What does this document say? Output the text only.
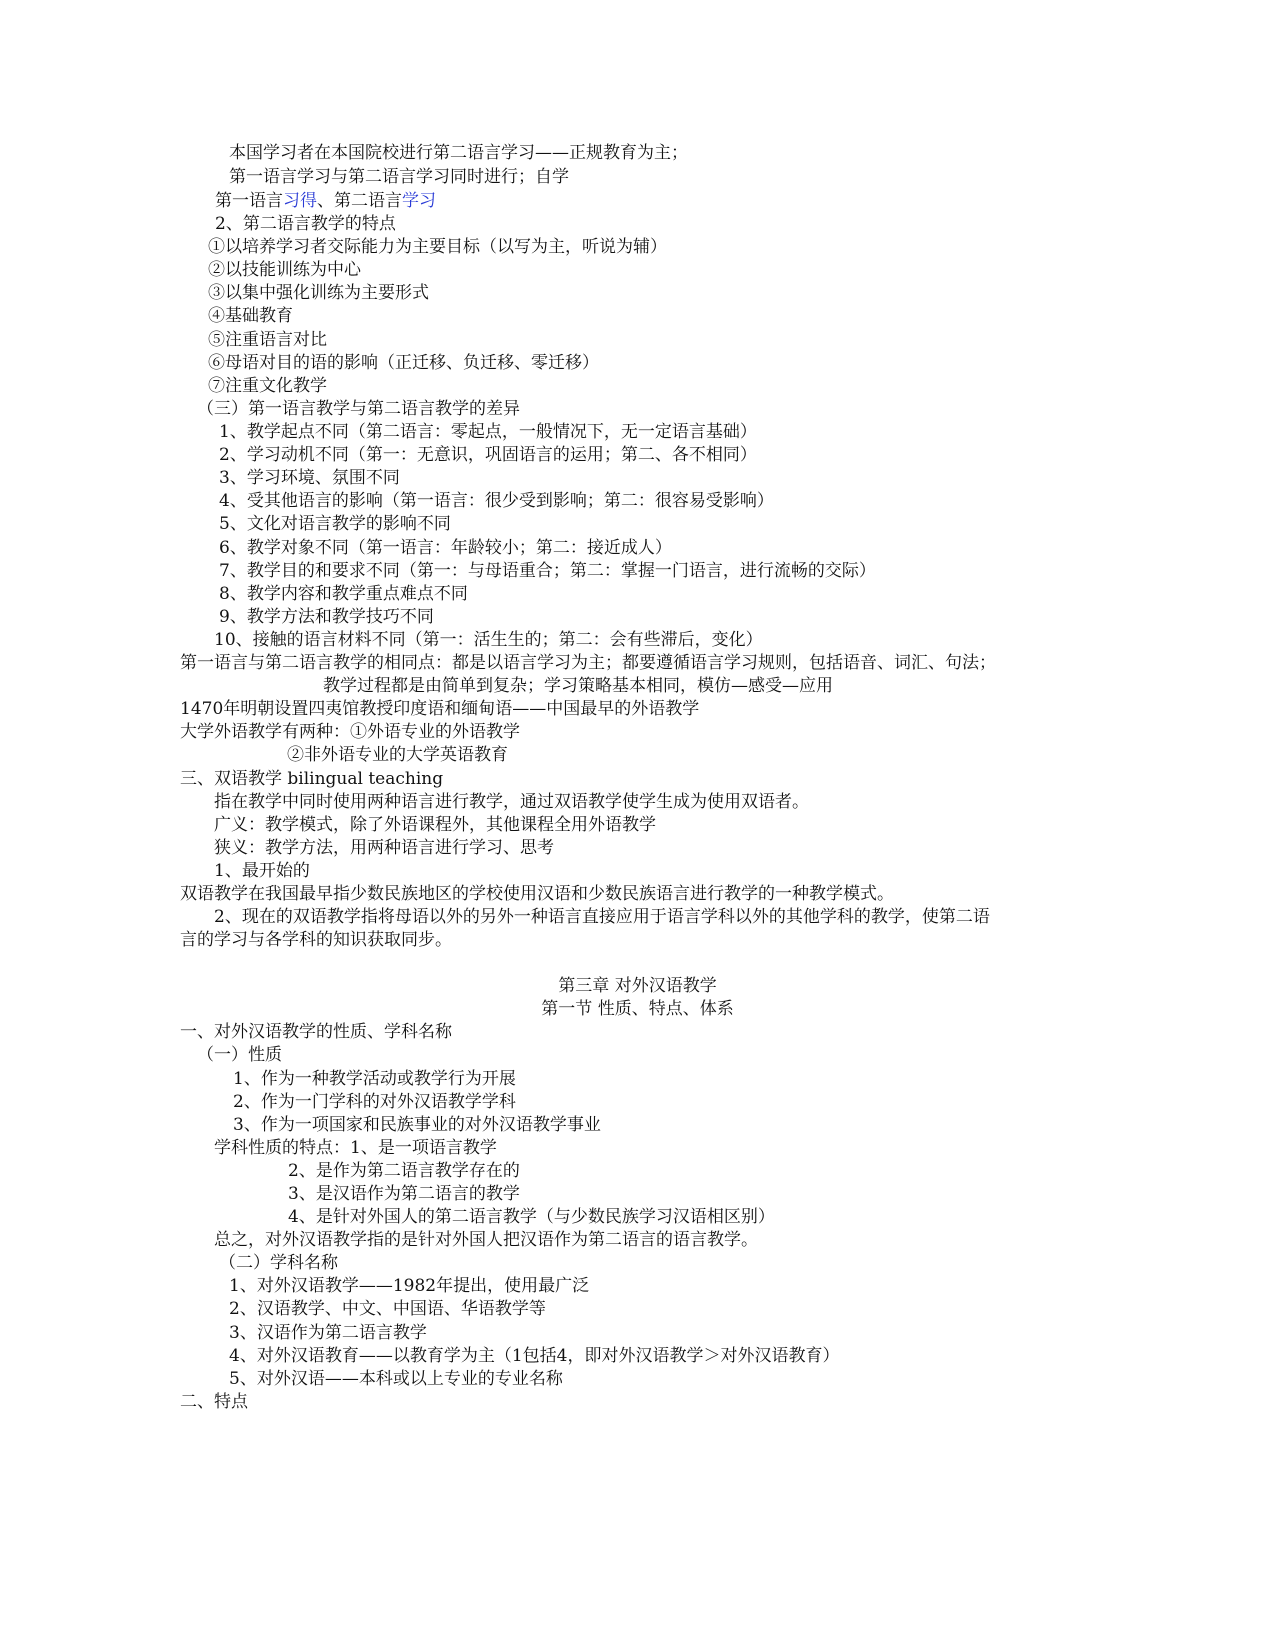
本国学习者在本国院校进行第二语言学习——正规教育为主；
第一语言学习与第二语言学习同时进行；自学
第一语言习得、第二语言学习
2、第二语言教学的特点
①以培养学习者交际能力为主要目标（以写为主，听说为辅）
②以技能训练为中心
③以集中强化训练为主要形式
④基础教育
⑤注重语言对比
⑥母语对目的语的影响（正迁移、负迁移、零迁移）
⑦注重文化教学
（三）第一语言教学与第二语言教学的差异
1、教学起点不同（第二语言：零起点，一般情况下，无一定语言基础）
2、学习动机不同（第一：无意识，巩固语言的运用；第二、各不相同）
3、学习环境、氛围不同
4、受其他语言的影响（第一语言：很少受到影响；第二：很容易受影响）
5、文化对语言教学的影响不同
6、教学对象不同（第一语言：年龄较小；第二：接近成人）
7、教学目的和要求不同（第一：与母语重合；第二：掌握一门语言，进行流畅的交际）
8、教学内容和教学重点难点不同
9、教学方法和教学技巧不同
10、接触的语言材料不同（第一：活生生的；第二：会有些滞后，变化）
第一语言与第二语言教学的相同点：都是以语言学习为主；都要遵循语言学习规则，包括语音、词汇、句法；
教学过程都是由简单到复杂；学习策略基本相同，模仿—感受—应用
1470年明朝设置四夷馆教授印度语和缅甸语——中国最早的外语教学
大学外语教学有两种：①外语专业的外语教学
②非外语专业的大学英语教育
三、双语教学 bilingual teaching
指在教学中同时使用两种语言进行教学，通过双语教学使学生成为使用双语者。
广义：教学模式，除了外语课程外，其他课程全用外语教学
狭义：教学方法，用两种语言进行学习、思考
1、最开始的
双语教学在我国最早指少数民族地区的学校使用汉语和少数民族语言进行教学的一种教学模式。
2、现在的双语教学指将母语以外的另外一种语言直接应用于语言学科以外的其他学科的教学，使第二语
言的学习与各学科的知识获取同步。
第三章 对外汉语教学
第一节 性质、特点、体系
一、对外汉语教学的性质、学科名称
（一）性质
1、作为一种教学活动或教学行为开展
2、作为一门学科的对外汉语教学学科
3、作为一项国家和民族事业的对外汉语教学事业
学科性质的特点：1、是一项语言教学
2、是作为第二语言教学存在的
3、是汉语作为第二语言的教学
4、是针对外国人的第二语言教学（与少数民族学习汉语相区别）
总之，对外汉语教学指的是针对外国人把汉语作为第二语言的语言教学。
（二）学科名称
1、对外汉语教学——1982年提出，使用最广泛
2、汉语教学、中文、中国语、华语教学等
3、汉语作为第二语言教学
4、对外汉语教育——以教育学为主（1包括4，即对外汉语教学＞对外汉语教育）
5、对外汉语——本科或以上专业的专业名称
二、特点
